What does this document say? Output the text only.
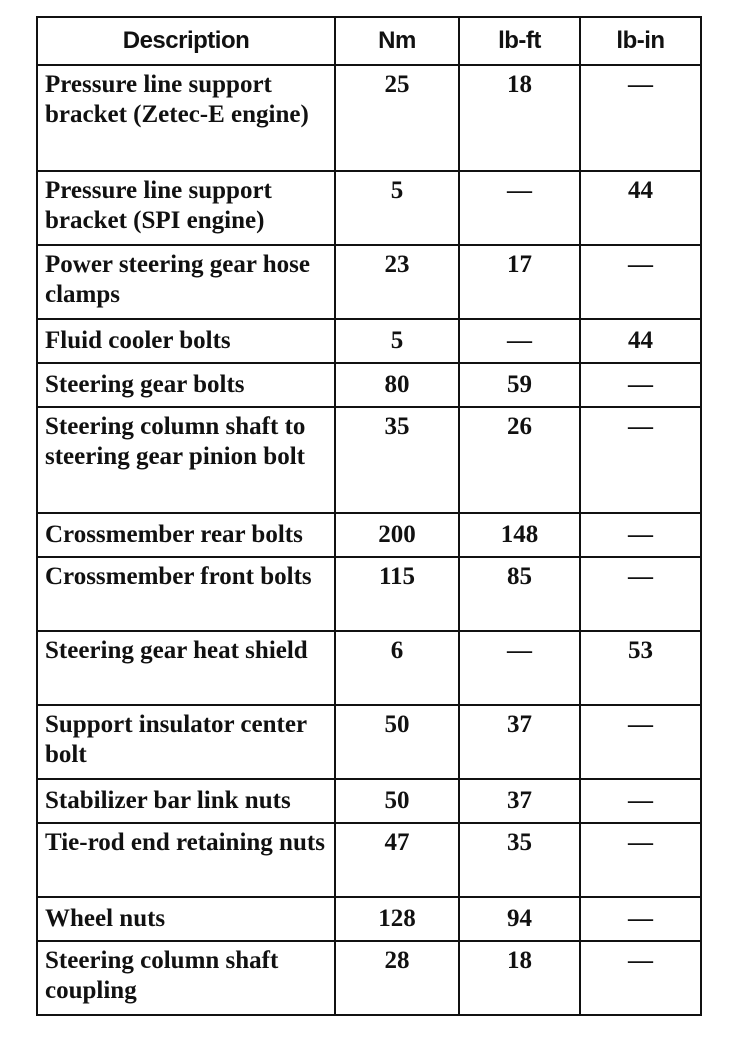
Description	Nm	lb-ft	lb-in
Pressure line support bracket (Zetec-E engine)	25	18	—
Pressure line support bracket (SPI engine)	5	—	44
Power steering gear hose clamps	23	17	—
Fluid cooler bolts	5	—	44
Steering gear bolts	80	59	—
Steering column shaft to steering gear pinion bolt	35	26	—
Crossmember rear bolts	200	148	—
Crossmember front bolts	115	85	—
Steering gear heat shield	6	—	53
Support insulator center bolt	50	37	—
Stabilizer bar link nuts	50	37	—
Tie-rod end retaining nuts	47	35	—
Wheel nuts	128	94	—
Steering column shaft coupling	28	18	—
